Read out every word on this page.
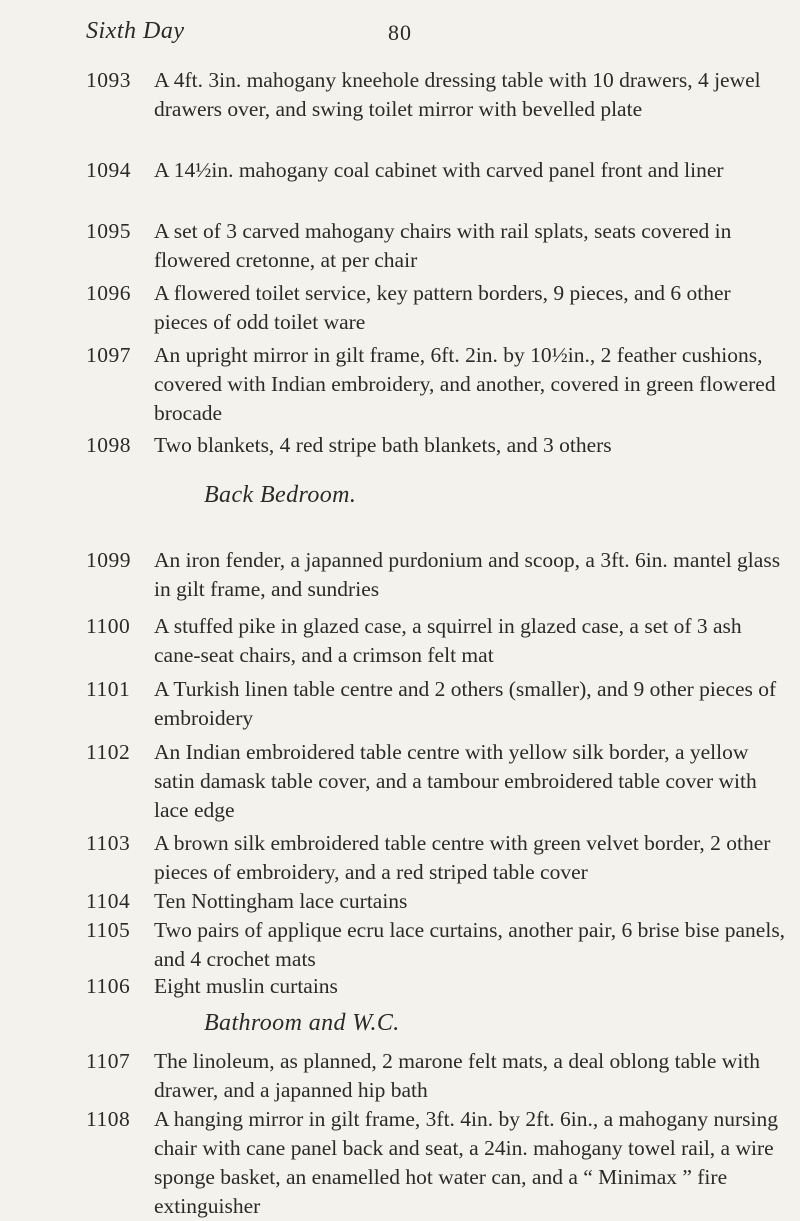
Sixth Day	80
1093	A 4ft. 3in. mahogany kneehole dressing table with 10 drawers, 4 jewel drawers over, and swing toilet mirror with bevelled plate
1094	A 14½in. mahogany coal cabinet with carved panel front and liner
1095	A set of 3 carved mahogany chairs with rail splats, seats covered in flowered cretonne, at per chair
1096	A flowered toilet service, key pattern borders, 9 pieces, and 6 other pieces of odd toilet ware
1097	An upright mirror in gilt frame, 6ft. 2in. by 10½in., 2 feather cushions, covered with Indian embroidery, and another, covered in green flowered brocade
1098	Two blankets, 4 red stripe bath blankets, and 3 others
Back Bedroom.
1099	An iron fender, a japanned purdonium and scoop, a 3ft. 6in. mantel glass in gilt frame, and sundries
1100	A stuffed pike in glazed case, a squirrel in glazed case, a set of 3 ash cane-seat chairs, and a crimson felt mat
1101	A Turkish linen table centre and 2 others (smaller), and 9 other pieces of embroidery
1102	An Indian embroidered table centre with yellow silk border, a yellow satin damask table cover, and a tambour embroidered table cover with lace edge
1103	A brown silk embroidered table centre with green velvet border, 2 other pieces of embroidery, and a red striped table cover
1104	Ten Nottingham lace curtains
1105	Two pairs of applique ecru lace curtains, another pair, 6 brise bise panels, and 4 crochet mats
1106	Eight muslin curtains
Bathroom and W.C.
1107	The linoleum, as planned, 2 marone felt mats, a deal oblong table with drawer, and a japanned hip bath
1108	A hanging mirror in gilt frame, 3ft. 4in. by 2ft. 6in., a mahogany nursing chair with cane panel back and seat, a 24in. mahogany towel rail, a wire sponge basket, an enamelled hot water can, and a “ Minimax ” fire extinguisher
